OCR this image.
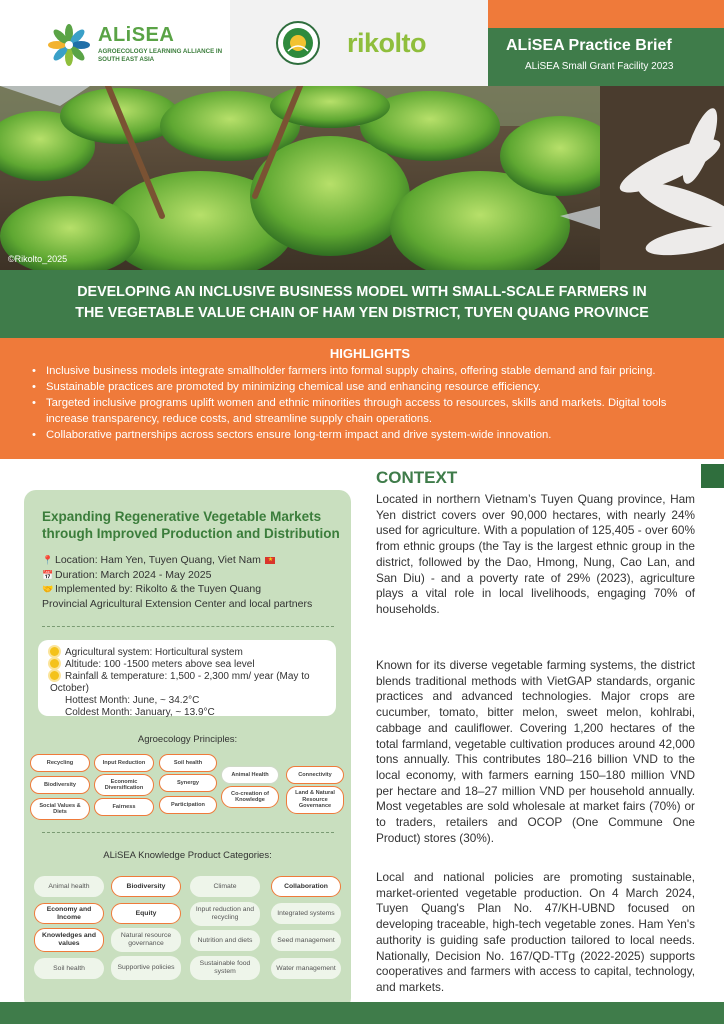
ALiSEA
AGROECOLOGY LEARNING ALLIANCE IN SOUTH EAST ASIA
rikolto	ALiSEA Practice Brief
ALiSEA Small Grant Facility 2023
©Rikolto_2025
DEVELOPING AN INCLUSIVE BUSINESS MODEL WITH SMALL-SCALE FARMERS IN
THE VEGETABLE VALUE CHAIN OF HAM YEN DISTRICT, TUYEN QUANG PROVINCE
HIGHLIGHTS
• Inclusive business models integrate smallholder farmers into formal supply chains, offering stable demand and fair pricing.
• Sustainable practices are promoted by minimizing chemical use and enhancing resource efficiency.
• Targeted inclusive programs uplift women and ethnic minorities through access to resources, skills and markets. Digital tools increase transparency, reduce costs, and streamline supply chain operations.
• Collaborative partnerships across sectors ensure long-term impact and drive system-wide innovation.
Expanding Regenerative Vegetable Markets through Improved Production and Distribution
📍 Location: Ham Yen, Tuyen Quang, Viet Nam ★
📅 Duration: March 2024 - May 2025
🤝 Implemented by: Rikolto & the Tuyen Quang
Provincial Agricultural Extension Center and local partners
Agricultural system: Horticultural system
Altitude: 100 -1500 meters above sea level
Rainfall & temperature: 1,500 - 2,300 mm/ year (May to October)
Hottest Month: June, ~ 34.2°C
Coldest Month: January, ~ 13.9°C
Agroecology Principles:
Recycling	Input Reduction	Soil health
Biodiversity
Economic Diversification
Synergy
Animal Health	Connectivity
Social Values & Diets
Fairness	Participation
Co-creation of Knowledge
Land & Natural Resource Governance
ALiSEA Knowledge Product Categories:
Animal health	Biodiversity	Climate	Collaboration
Economy and Income
Equity	Input reduction and recycling
Integrated systems
Knowledges and values
Natural resource governance	Nutrition and diets	Seed management
Soil health	Supportive policies
Sustainable food system	Water management
CONTEXT
Located in northern Vietnam’s Tuyen Quang province, Ham Yen district covers over 90,000 hectares, with nearly 24% used for agriculture. With a population of 125,405 - over 60% from ethnic groups (the Tay is the largest ethnic group in the district, followed by the Dao, Hmong, Nung, Cao Lan, and San Diu) - and a poverty rate of 29% (2023), agriculture plays a vital role in local livelihoods, engaging 70% of households.
Known for its diverse vegetable farming systems, the district blends traditional methods with VietGAP standards, organic practices and advanced technologies. Major crops are cucumber, tomato, bitter melon, sweet melon, kohlrabi, cabbage and cauliflower. Covering 1,200 hectares of the total farmland, vegetable cultivation produces around 42,000 tons annually. This contributes 180–216 billion VND to the local economy, with farmers earning 150–180 million VND per hectare and 18–27 million VND per household annually. Most vegetables are sold wholesale at market fairs (70%) or to traders, retailers and OCOP (One Commune One Product) stores (30%).
Local and national policies are promoting sustainable, market-oriented vegetable production. On 4 March 2024, Tuyen Quang's Plan No. 47/KH-UBND focused on developing traceable, high-tech vegetable zones. Ham Yen's authority is guiding safe production tailored to local needs. Nationally, Decision No. 167/QD-TTg (2022-2025) supports cooperatives and farmers with access to capital, technology, and markets.
